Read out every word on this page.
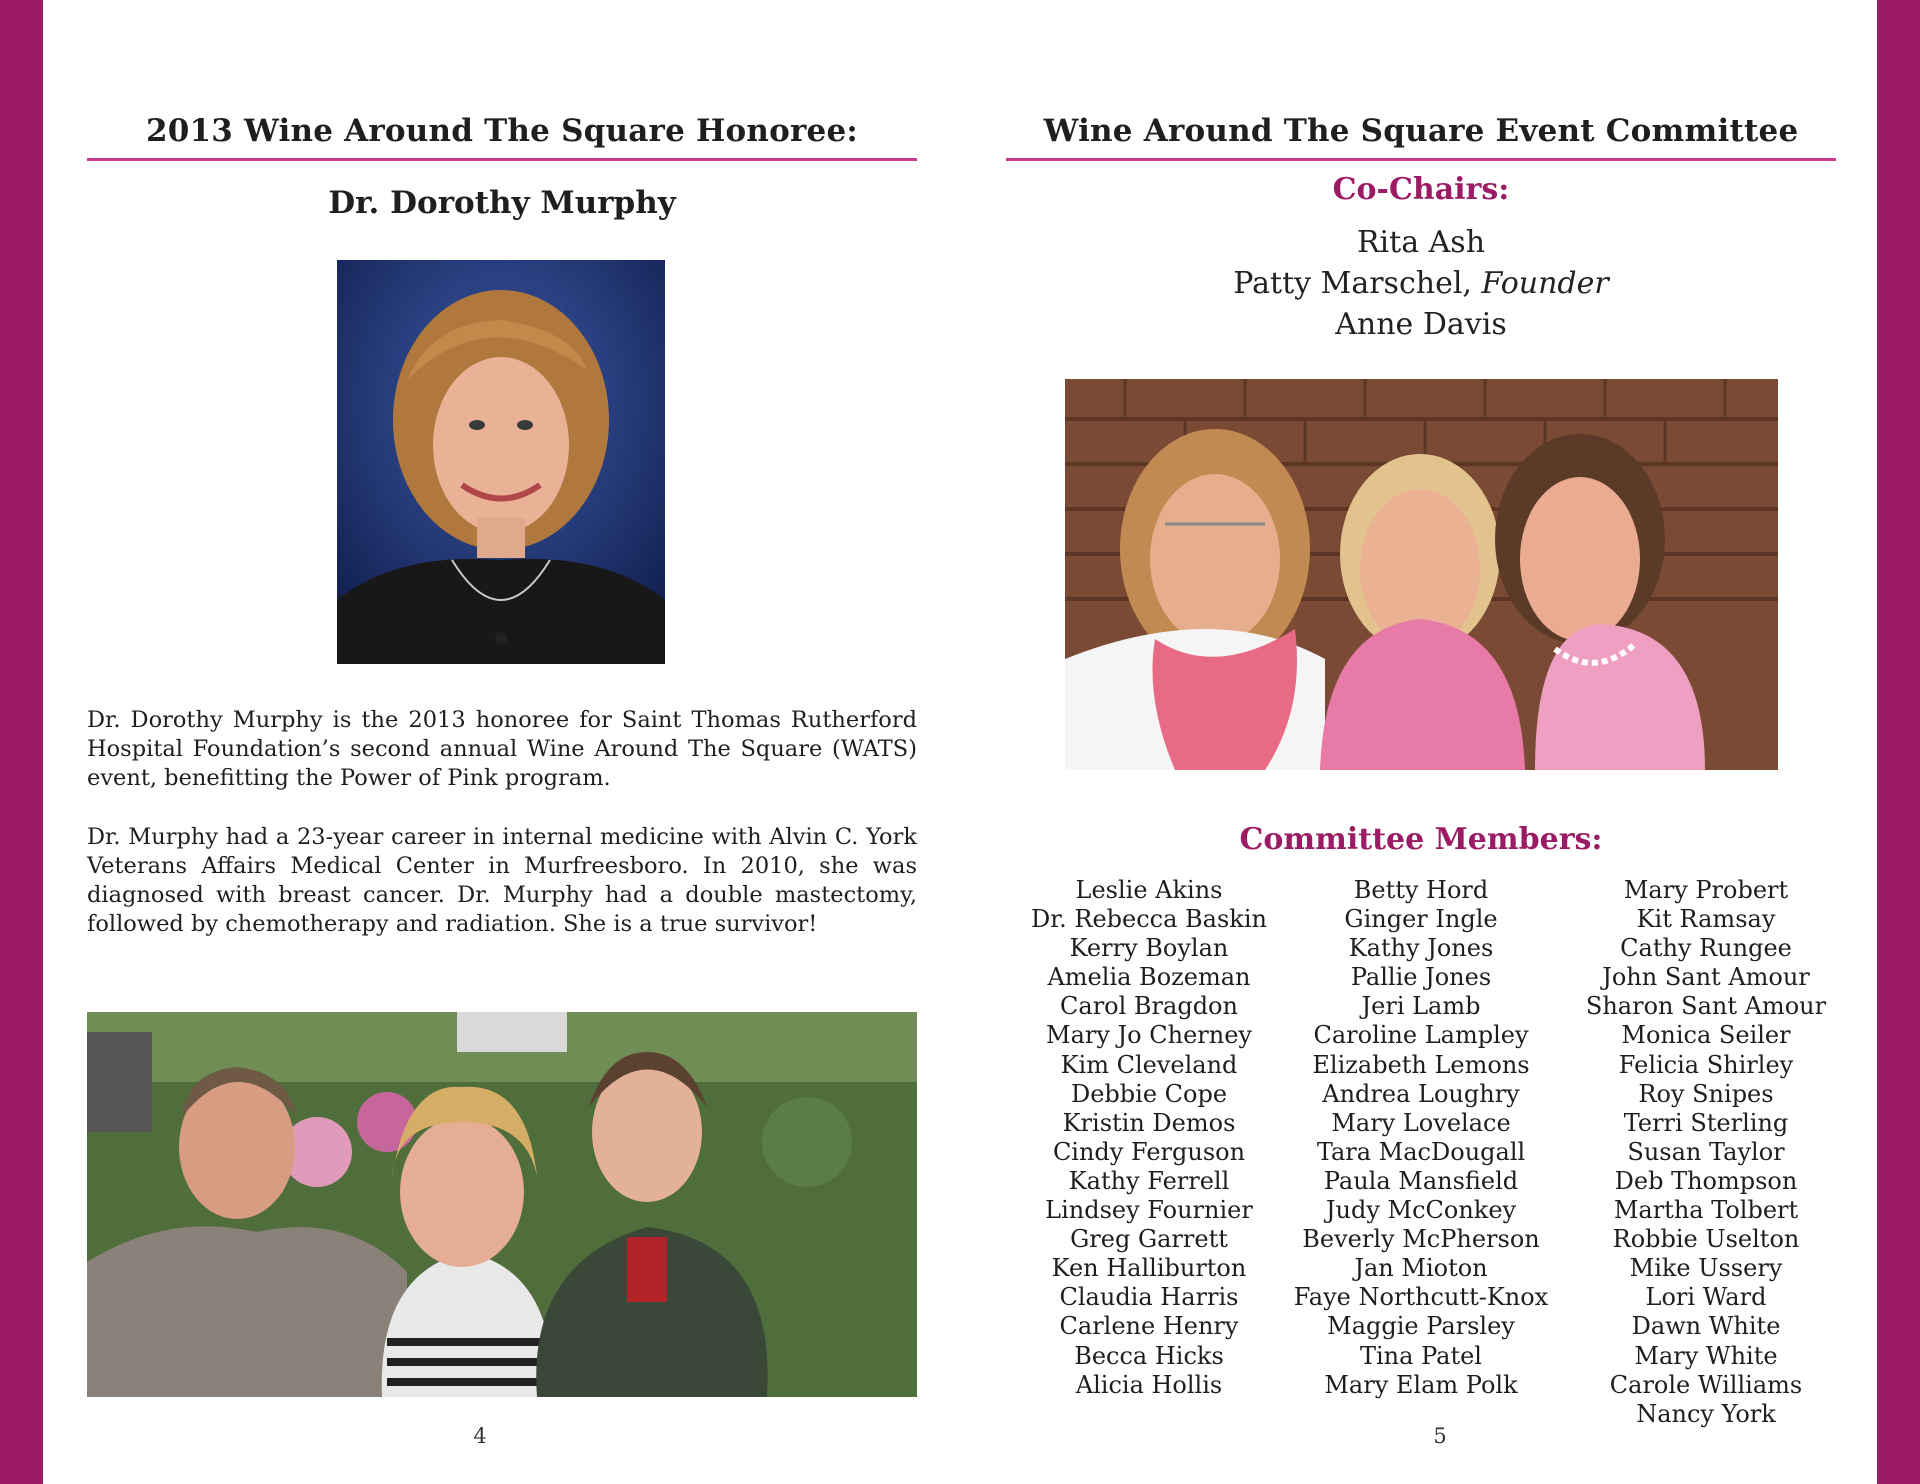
2013 Wine Around The Square Honoree:
Dr. Dorothy Murphy

Dr. Dorothy Murphy is the 2013 honoree for Saint Thomas Rutherford Hospital Foundation’s second annual Wine Around The Square (WATS) event, benefitting the Power of Pink program.

Dr. Murphy had a 23-year career in internal medicine with Alvin C. York Veterans Affairs Medical Center in Murfreesboro. In 2010, she was diagnosed with breast cancer. Dr. Murphy had a double mastectomy, followed by chemotherapy and radiation. She is a true survivor!

4
Wine Around The Square Event Committee
Co-Chairs:
Rita Ash
Patty Marschel, Founder
Anne Davis
Committee Members:
Leslie Akins
Dr. Rebecca Baskin
Kerry Boylan
Amelia Bozeman
Carol Bragdon
Mary Jo Cherney
Kim Cleveland
Debbie Cope
Kristin Demos
Cindy Ferguson
Kathy Ferrell
Lindsey Fournier
Greg Garrett
Ken Halliburton
Claudia Harris
Carlene Henry
Becca Hicks
Alicia Hollis
Betty Hord
Ginger Ingle
Kathy Jones
Pallie Jones
Jeri Lamb
Caroline Lampley
Elizabeth Lemons
Andrea Loughry
Mary Lovelace
Tara MacDougall
Paula Mansfield
Judy McConkey
Beverly McPherson
Jan Mioton
Faye Northcutt-Knox
Maggie Parsley
Tina Patel
Mary Elam Polk
Mary Probert
Kit Ramsay
Cathy Rungee
John Sant Amour
Sharon Sant Amour
Monica Seiler
Felicia Shirley
Roy Snipes
Terri Sterling
Susan Taylor
Deb Thompson
Martha Tolbert
Robbie Uselton
Mike Ussery
Lori Ward
Dawn White
Mary White
Carole Williams
Nancy York
5
